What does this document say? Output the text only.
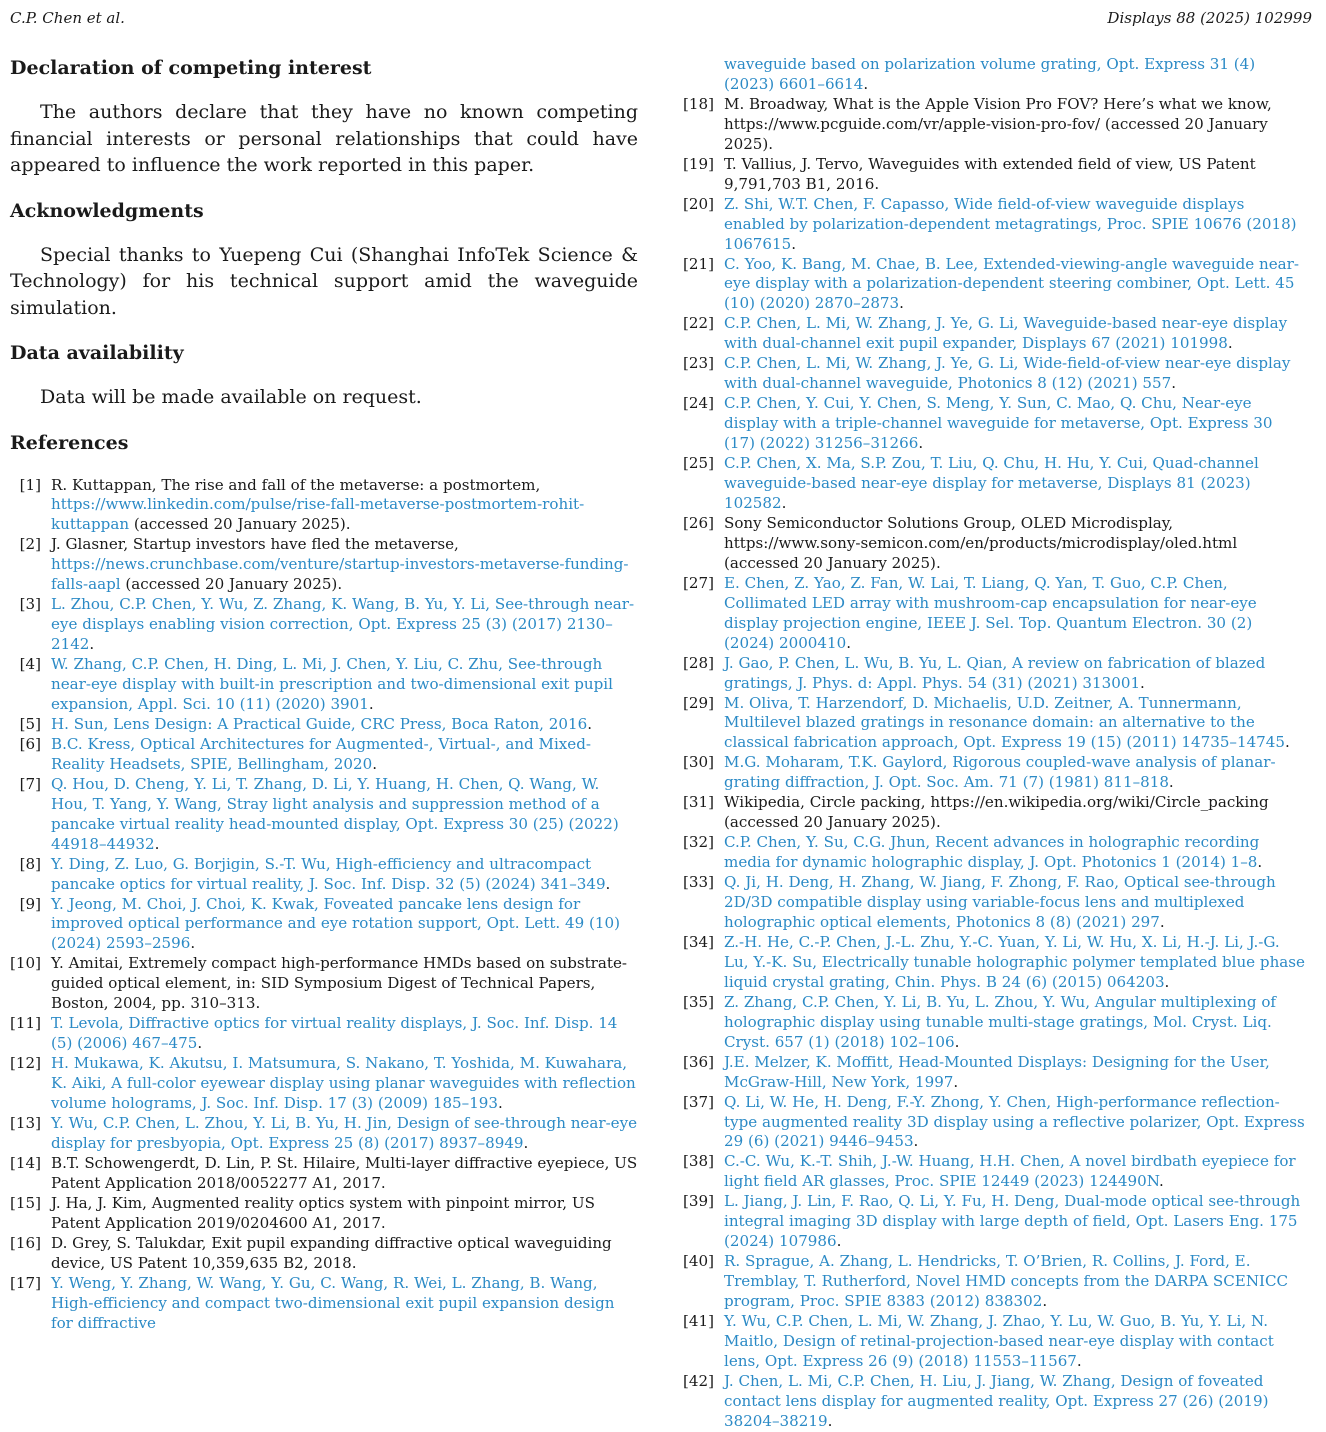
C.P. Chen et al.	Displays 88 (2025) 102999
Declaration of competing interest

The authors declare that they have no known competing financial interests or personal relationships that could have appeared to influence the work reported in this paper.

Acknowledgments

Special thanks to Yuepeng Cui (Shanghai InfoTek Science & Technology) for his technical support amid the waveguide simulation.

Data availability

Data will be made available on request.

References
[1] R. Kuttappan, The rise and fall of the metaverse: a postmortem, https://www.linkedin.com/pulse/rise-fall-metaverse-postmortem-rohit-kuttappan (accessed 20 January 2025).
[2] J. Glasner, Startup investors have fled the metaverse, https://news.crunchbase.com/venture/startup-investors-metaverse-funding-falls-aapl (accessed 20 January 2025).
[3] L. Zhou, C.P. Chen, Y. Wu, Z. Zhang, K. Wang, B. Yu, Y. Li, See-through near-eye displays enabling vision correction, Opt. Express 25 (3) (2017) 2130–2142.
[4] W. Zhang, C.P. Chen, H. Ding, L. Mi, J. Chen, Y. Liu, C. Zhu, See-through near-eye display with built-in prescription and two-dimensional exit pupil expansion, Appl. Sci. 10 (11) (2020) 3901.
[5] H. Sun, Lens Design: A Practical Guide, CRC Press, Boca Raton, 2016.
[6] B.C. Kress, Optical Architectures for Augmented-, Virtual-, and Mixed-Reality Headsets, SPIE, Bellingham, 2020.
[7] Q. Hou, D. Cheng, Y. Li, T. Zhang, D. Li, Y. Huang, H. Chen, Q. Wang, W. Hou, T. Yang, Y. Wang, Stray light analysis and suppression method of a pancake virtual reality head-mounted display, Opt. Express 30 (25) (2022) 44918–44932.
[8] Y. Ding, Z. Luo, G. Borjigin, S.-T. Wu, High-efficiency and ultracompact pancake optics for virtual reality, J. Soc. Inf. Disp. 32 (5) (2024) 341–349.
[9] Y. Jeong, M. Choi, J. Choi, K. Kwak, Foveated pancake lens design for improved optical performance and eye rotation support, Opt. Lett. 49 (10) (2024) 2593–2596.
[10] Y. Amitai, Extremely compact high-performance HMDs based on substrate-guided optical element, in: SID Symposium Digest of Technical Papers, Boston, 2004, pp. 310–313.
[11] T. Levola, Diffractive optics for virtual reality displays, J. Soc. Inf. Disp. 14 (5) (2006) 467–475.
[12] H. Mukawa, K. Akutsu, I. Matsumura, S. Nakano, T. Yoshida, M. Kuwahara, K. Aiki, A full-color eyewear display using planar waveguides with reflection volume holograms, J. Soc. Inf. Disp. 17 (3) (2009) 185–193.
[13] Y. Wu, C.P. Chen, L. Zhou, Y. Li, B. Yu, H. Jin, Design of see-through near-eye display for presbyopia, Opt. Express 25 (8) (2017) 8937–8949.
[14] B.T. Schowengerdt, D. Lin, P. St. Hilaire, Multi-layer diffractive eyepiece, US Patent Application 2018/0052277 A1, 2017.
[15] J. Ha, J. Kim, Augmented reality optics system with pinpoint mirror, US Patent Application 2019/0204600 A1, 2017.
[16] D. Grey, S. Talukdar, Exit pupil expanding diffractive optical waveguiding device, US Patent 10,359,635 B2, 2018.
[17] Y. Weng, Y. Zhang, W. Wang, Y. Gu, C. Wang, R. Wei, L. Zhang, B. Wang, High-efficiency and compact two-dimensional exit pupil expansion design for diffractive
waveguide based on polarization volume grating, Opt. Express 31 (4) (2023) 6601–6614.
[18] M. Broadway, What is the Apple Vision Pro FOV? Here’s what we know, https://www.pcguide.com/vr/apple-vision-pro-fov/ (accessed 20 January 2025).
[19] T. Vallius, J. Tervo, Waveguides with extended field of view, US Patent 9,791,703 B1, 2016.
[20] Z. Shi, W.T. Chen, F. Capasso, Wide field-of-view waveguide displays enabled by polarization-dependent metagratings, Proc. SPIE 10676 (2018) 1067615.
[21] C. Yoo, K. Bang, M. Chae, B. Lee, Extended-viewing-angle waveguide near-eye display with a polarization-dependent steering combiner, Opt. Lett. 45 (10) (2020) 2870–2873.
[22] C.P. Chen, L. Mi, W. Zhang, J. Ye, G. Li, Waveguide-based near-eye display with dual-channel exit pupil expander, Displays 67 (2021) 101998.
[23] C.P. Chen, L. Mi, W. Zhang, J. Ye, G. Li, Wide-field-of-view near-eye display with dual-channel waveguide, Photonics 8 (12) (2021) 557.
[24] C.P. Chen, Y. Cui, Y. Chen, S. Meng, Y. Sun, C. Mao, Q. Chu, Near-eye display with a triple-channel waveguide for metaverse, Opt. Express 30 (17) (2022) 31256–31266.
[25] C.P. Chen, X. Ma, S.P. Zou, T. Liu, Q. Chu, H. Hu, Y. Cui, Quad-channel waveguide-based near-eye display for metaverse, Displays 81 (2023) 102582.
[26] Sony Semiconductor Solutions Group, OLED Microdisplay, https://www.sony-semicon.com/en/products/microdisplay/oled.html (accessed 20 January 2025).
[27] E. Chen, Z. Yao, Z. Fan, W. Lai, T. Liang, Q. Yan, T. Guo, C.P. Chen, Collimated LED array with mushroom-cap encapsulation for near-eye display projection engine, IEEE J. Sel. Top. Quantum Electron. 30 (2) (2024) 2000410.
[28] J. Gao, P. Chen, L. Wu, B. Yu, L. Qian, A review on fabrication of blazed gratings, J. Phys. d: Appl. Phys. 54 (31) (2021) 313001.
[29] M. Oliva, T. Harzendorf, D. Michaelis, U.D. Zeitner, A. Tunnermann, Multilevel blazed gratings in resonance domain: an alternative to the classical fabrication approach, Opt. Express 19 (15) (2011) 14735–14745.
[30] M.G. Moharam, T.K. Gaylord, Rigorous coupled-wave analysis of planar-grating diffraction, J. Opt. Soc. Am. 71 (7) (1981) 811–818.
[31] Wikipedia, Circle packing, https://en.wikipedia.org/wiki/Circle_packing (accessed 20 January 2025).
[32] C.P. Chen, Y. Su, C.G. Jhun, Recent advances in holographic recording media for dynamic holographic display, J. Opt. Photonics 1 (2014) 1–8.
[33] Q. Ji, H. Deng, H. Zhang, W. Jiang, F. Zhong, F. Rao, Optical see-through 2D/3D compatible display using variable-focus lens and multiplexed holographic optical elements, Photonics 8 (8) (2021) 297.
[34] Z.-H. He, C.-P. Chen, J.-L. Zhu, Y.-C. Yuan, Y. Li, W. Hu, X. Li, H.-J. Li, J.-G. Lu, Y.-K. Su, Electrically tunable holographic polymer templated blue phase liquid crystal grating, Chin. Phys. B 24 (6) (2015) 064203.
[35] Z. Zhang, C.P. Chen, Y. Li, B. Yu, L. Zhou, Y. Wu, Angular multiplexing of holographic display using tunable multi-stage gratings, Mol. Cryst. Liq. Cryst. 657 (1) (2018) 102–106.
[36] J.E. Melzer, K. Moffitt, Head-Mounted Displays: Designing for the User, McGraw-Hill, New York, 1997.
[37] Q. Li, W. He, H. Deng, F.-Y. Zhong, Y. Chen, High-performance reflection-type augmented reality 3D display using a reflective polarizer, Opt. Express 29 (6) (2021) 9446–9453.
[38] C.-C. Wu, K.-T. Shih, J.-W. Huang, H.H. Chen, A novel birdbath eyepiece for light field AR glasses, Proc. SPIE 12449 (2023) 124490N.
[39] L. Jiang, J. Lin, F. Rao, Q. Li, Y. Fu, H. Deng, Dual-mode optical see-through integral imaging 3D display with large depth of field, Opt. Lasers Eng. 175 (2024) 107986.
[40] R. Sprague, A. Zhang, L. Hendricks, T. O’Brien, R. Collins, J. Ford, E. Tremblay, T. Rutherford, Novel HMD concepts from the DARPA SCENICC program, Proc. SPIE 8383 (2012) 838302.
[41] Y. Wu, C.P. Chen, L. Mi, W. Zhang, J. Zhao, Y. Lu, W. Guo, B. Yu, Y. Li, N. Maitlo, Design of retinal-projection-based near-eye display with contact lens, Opt. Express 26 (9) (2018) 11553–11567.
[42] J. Chen, L. Mi, C.P. Chen, H. Liu, J. Jiang, W. Zhang, Design of foveated contact lens display for augmented reality, Opt. Express 27 (26) (2019) 38204–38219.
